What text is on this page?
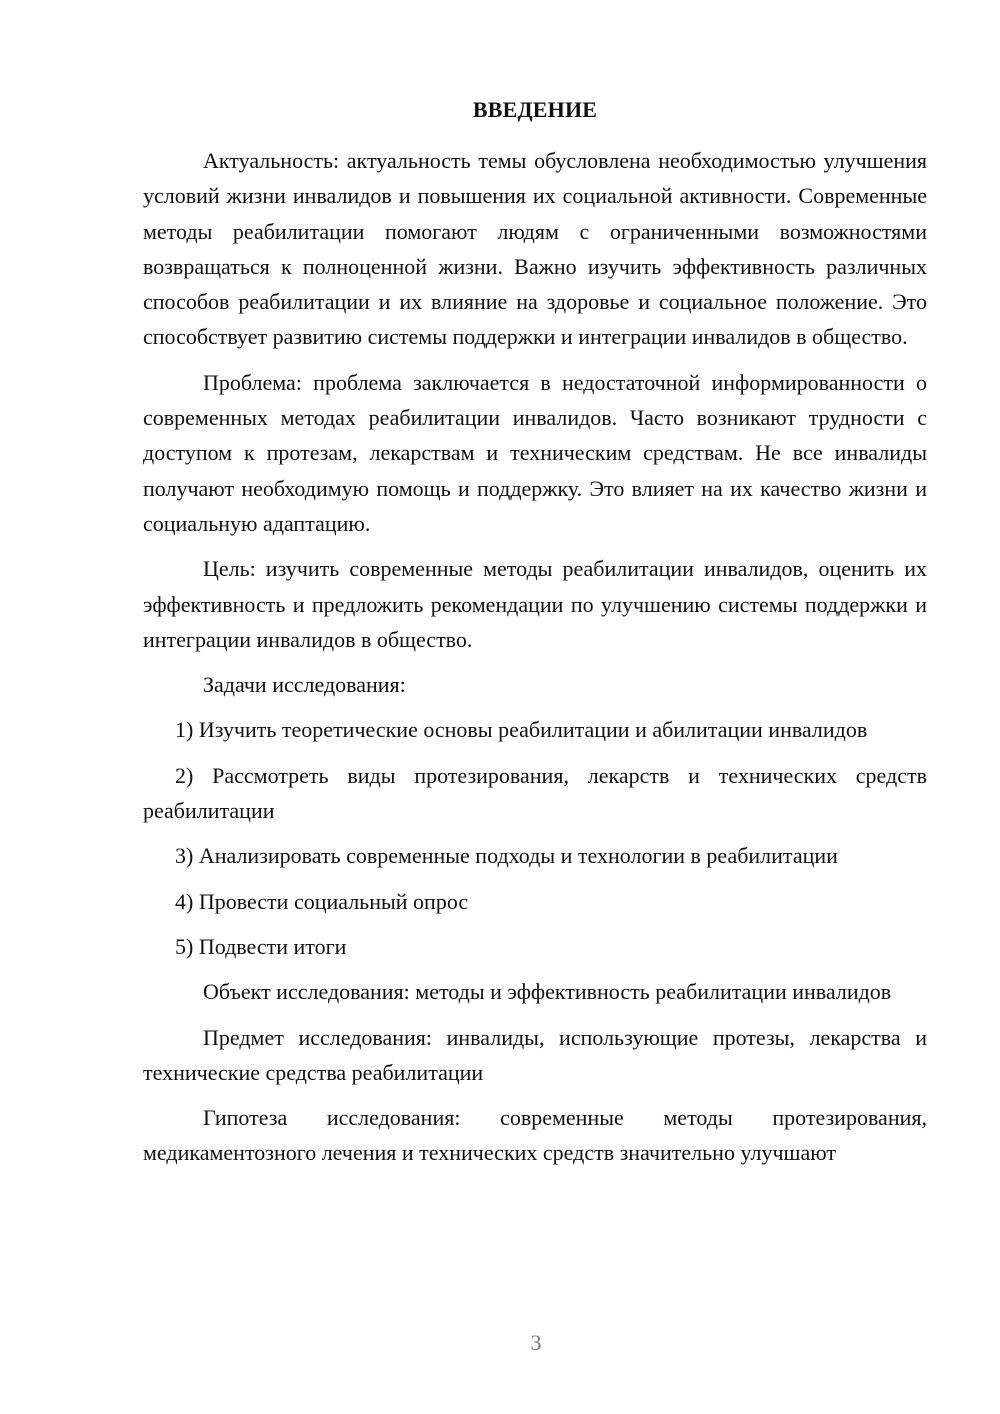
ВВЕДЕНИЕ

Актуальность: актуальность темы обусловлена необходимостью улучшения условий жизни инвалидов и повышения их социальной активности. Современные методы реабилитации помогают людям с ограниченными возможностями возвращаться к полноценной жизни. Важно изучить эффективность различных способов реабилитации и их влияние на здоровье и социальное положение. Это способствует развитию системы поддержки и интеграции инвалидов в общество.

Проблема: проблема заключается в недостаточной информированности о современных методах реабилитации инвалидов. Часто возникают трудности с доступом к протезам, лекарствам и техническим средствам. Не все инвалиды получают необходимую помощь и поддержку. Это влияет на их качество жизни и социальную адаптацию.

Цель: изучить современные методы реабилитации инвалидов, оценить их эффективность и предложить рекомендации по улучшению системы поддержки и интеграции инвалидов в общество.

Задачи исследования:

1) Изучить теоретические основы реабилитации и абилитации инвалидов

2) Рассмотреть виды протезирования, лекарств и технических средств реабилитации

3) Анализировать современные подходы и технологии в реабилитации

4) Провести социальный опрос

5) Подвести итоги

Объект исследования: методы и эффективность реабилитации инвалидов

Предмет исследования: инвалиды, использующие протезы, лекарства и технические средства реабилитации

Гипотеза исследования: современные методы протезирования, медикаментозного лечения и технических средств значительно улучшают

3
